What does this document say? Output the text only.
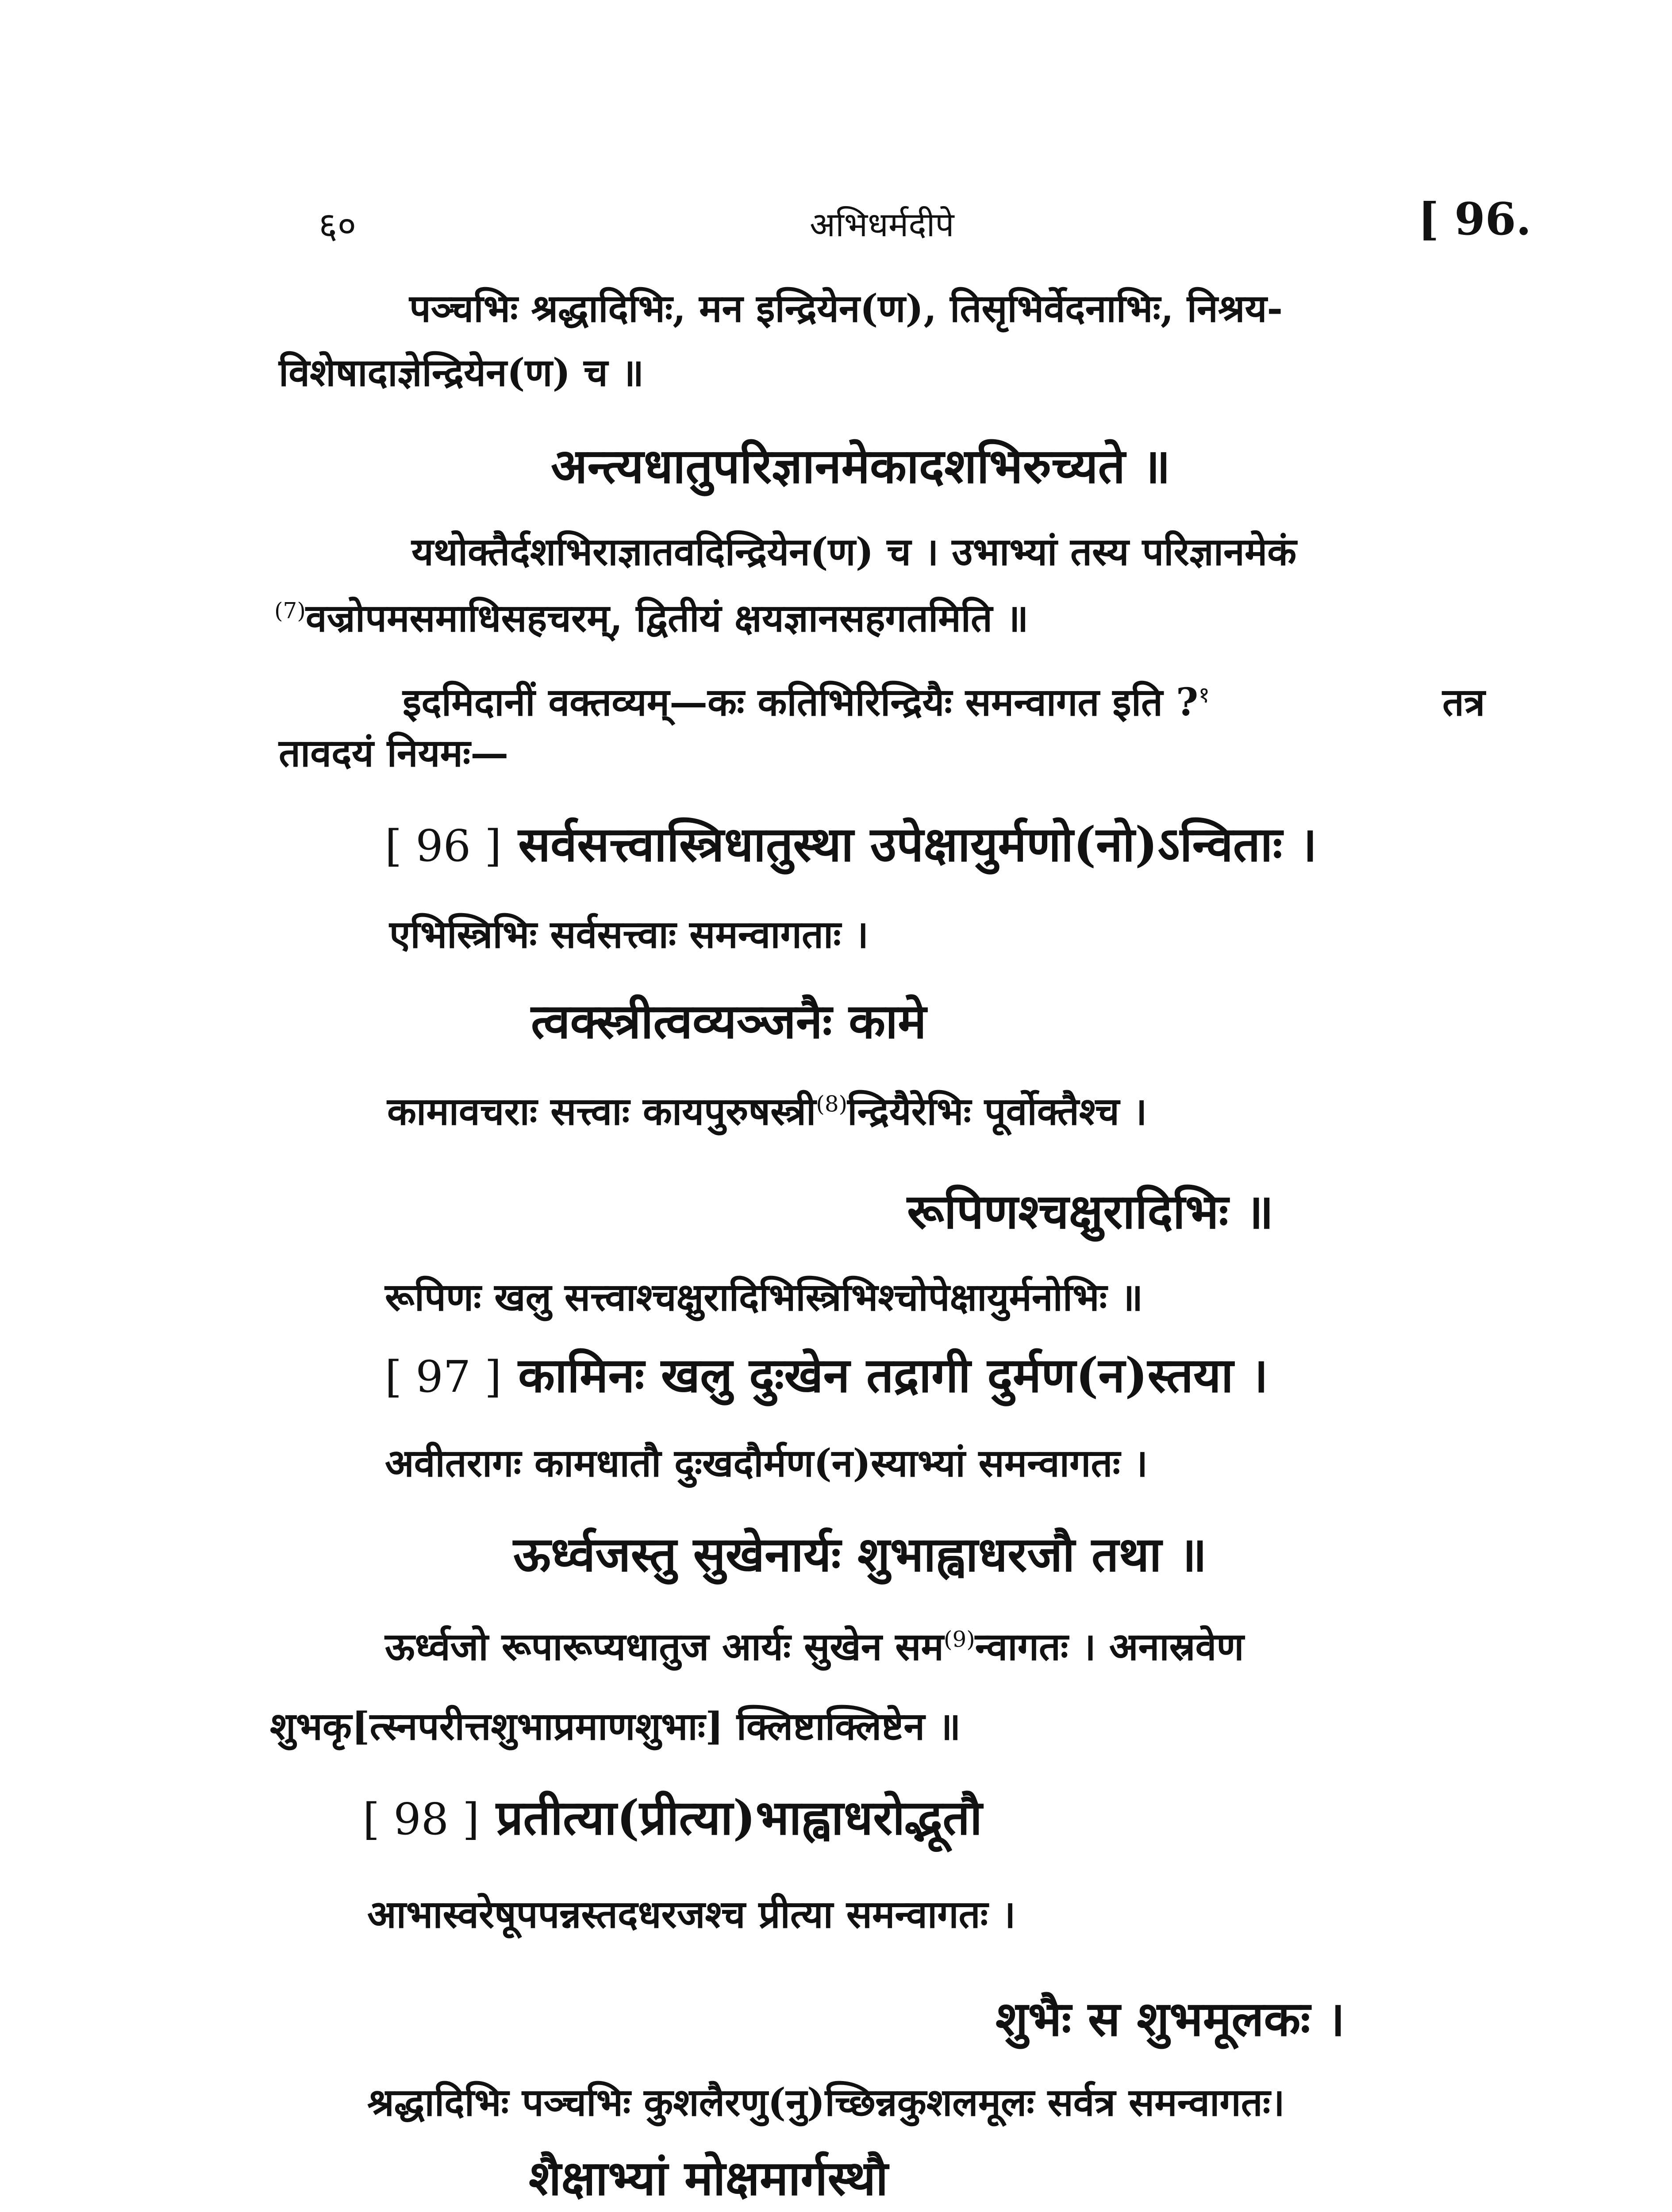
६०	अभिधर्मदीपे	[ 96.
पञ्चभिः श्रद्धादिभिः, मन इन्द्रियेन(ण), तिसृभिर्वेदनाभिः, निश्रय-
विशेषादाज्ञेन्द्रियेन(ण) च ॥
अन्त्यधातुपरिज्ञानमेकादशभिरुच्यते ॥
यथोक्तैर्दशभिराज्ञातवदिन्द्रियेन(ण) च । उभाभ्यां तस्य परिज्ञानमेकं
$^{(7)}$वज्रोपमसमाधिसहचरम्, द्वितीयं क्षयज्ञानसहगतमिति ॥
इदमिदानीं वक्तव्यम्—कः कतिभिरिन्द्रियैः समन्वागत इति ?$^१$	तत्र
तावदयं नियमः—
[ 96 ] सर्वसत्त्वास्त्रिधातुस्था उपेक्षायुर्मणो(नो)ऽन्विताः ।
एभिस्त्रिभिः सर्वसत्त्वाः समन्वागताः ।
त्वक्स्त्रीत्वव्यञ्जनैः कामे
कामावचराः सत्त्वाः कायपुरुषस्त्री$^{(8)}$न्द्रियैरेभिः पूर्वोक्तैश्च ।
रूपिणश्चक्षुरादिभिः ॥
रूपिणः खलु सत्त्वाश्चक्षुरादिभिस्त्रिभिश्चोपेक्षायुर्मनोभिः ॥
[ 97 ] कामिनः खलु दुःखेन तद्रागी दुर्मण(न)स्तया ।
अवीतरागः कामधातौ दुःखदौर्मण(न)स्याभ्यां समन्वागतः ।
ऊर्ध्वजस्तु सुखेनार्यः शुभाह्वाधरजौ तथा ॥
ऊर्ध्वजो रूपारूप्यधातुज आर्यः सुखेन सम$^{(9)}$न्वागतः । अनास्रवेण
शुभकृ[त्स्नपरीत्तशुभाप्रमाणशुभाः] क्लिष्टाक्लिष्टेन ॥
[ 98 ] प्रतीत्या(प्रीत्या)भाह्वाधरोद्भूतौ
आभास्वरेषूपपन्नस्तदधरजश्च प्रीत्या समन्वागतः ।
शुभैः स शुभमूलकः ।
श्रद्धादिभिः पञ्चभिः कुशलैरणु(नु)च्छिन्नकुशलमूलः सर्वत्र समन्वागतः।
शैक्षाभ्यां मोक्षमार्गस्थौ
